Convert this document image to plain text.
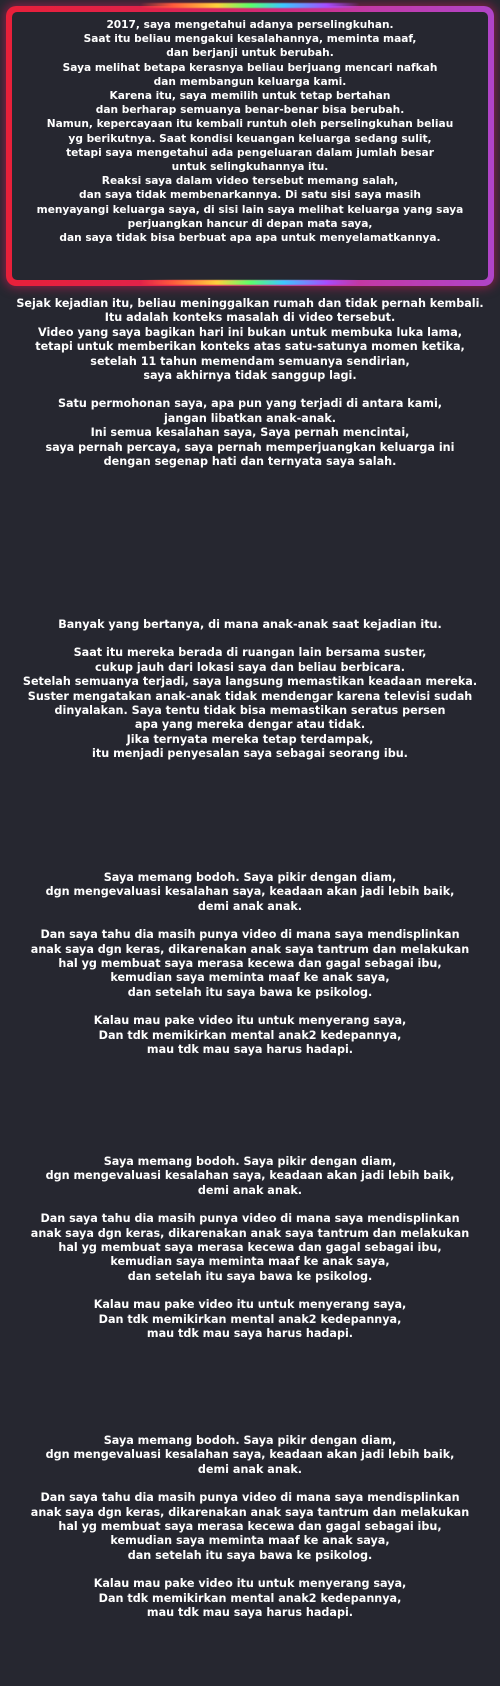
2017, saya mengetahui adanya perselingkuhan.

Saat itu beliau mengakui kesalahannya, meminta maaf,

dan berjanji untuk berubah.

Saya melihat betapa kerasnya beliau berjuang mencari nafkah

dan membangun keluarga kami.

Karena itu, saya memilih untuk tetap bertahan

dan berharap semuanya benar-benar bisa berubah.

Namun, kepercayaan itu kembali runtuh oleh perselingkuhan beliau

yg berikutnya. Saat kondisi keuangan keluarga sedang sulit,

tetapi saya mengetahui ada pengeluaran dalam jumlah besar

untuk selingkuhannya itu.

Reaksi saya dalam video tersebut memang salah,

dan saya tidak membenarkannya. Di satu sisi saya masih

menyayangi keluarga saya, di sisi lain saya melihat keluarga yang saya

perjuangkan hancur di depan mata saya,

dan saya tidak bisa berbuat apa apa untuk menyelamatkannya.

Sejak kejadian itu, beliau meninggalkan rumah dan tidak pernah kembali.

Itu adalah konteks masalah di video tersebut.

Video yang saya bagikan hari ini bukan untuk membuka luka lama,

tetapi untuk memberikan konteks atas satu-satunya momen ketika,

setelah 11 tahun memendam semuanya sendirian,

saya akhirnya tidak sanggup lagi.

Satu permohonan saya, apa pun yang terjadi di antara kami,

jangan libatkan anak-anak.

Ini semua kesalahan saya, Saya pernah mencintai,

saya pernah percaya, saya pernah memperjuangkan keluarga ini

dengan segenap hati dan ternyata saya salah.

Banyak yang bertanya, di mana anak-anak saat kejadian itu.

Saat itu mereka berada di ruangan lain bersama suster,

cukup jauh dari lokasi saya dan beliau berbicara.

Setelah semuanya terjadi, saya langsung memastikan keadaan mereka.

Suster mengatakan anak-anak tidak mendengar karena televisi sudah

dinyalakan. Saya tentu tidak bisa memastikan seratus persen

apa yang mereka dengar atau tidak.

Jika ternyata mereka tetap terdampak,

itu menjadi penyesalan saya sebagai seorang ibu.

Saya memang bodoh. Saya pikir dengan diam,

dgn mengevaluasi kesalahan saya, keadaan akan jadi lebih baik,

demi anak anak.

Dan saya tahu dia masih punya video di mana saya mendisplinkan

anak saya dgn keras, dikarenakan anak saya tantrum dan melakukan

hal yg membuat saya merasa kecewa dan gagal sebagai ibu,

kemudian saya meminta maaf ke anak saya,

dan setelah itu saya bawa ke psikolog.

Kalau mau pake video itu untuk menyerang saya,

Dan tdk memikirkan mental anak2 kedepannya,

mau tdk mau saya harus hadapi.

Saya memang bodoh. Saya pikir dengan diam,

dgn mengevaluasi kesalahan saya, keadaan akan jadi lebih baik,

demi anak anak.

Dan saya tahu dia masih punya video di mana saya mendisplinkan

anak saya dgn keras, dikarenakan anak saya tantrum dan melakukan

hal yg membuat saya merasa kecewa dan gagal sebagai ibu,

kemudian saya meminta maaf ke anak saya,

dan setelah itu saya bawa ke psikolog.

Kalau mau pake video itu untuk menyerang saya,

Dan tdk memikirkan mental anak2 kedepannya,

mau tdk mau saya harus hadapi.

Saya memang bodoh. Saya pikir dengan diam,

dgn mengevaluasi kesalahan saya, keadaan akan jadi lebih baik,

demi anak anak.

Dan saya tahu dia masih punya video di mana saya mendisplinkan

anak saya dgn keras, dikarenakan anak saya tantrum dan melakukan

hal yg membuat saya merasa kecewa dan gagal sebagai ibu,

kemudian saya meminta maaf ke anak saya,

dan setelah itu saya bawa ke psikolog.

Kalau mau pake video itu untuk menyerang saya,

Dan tdk memikirkan mental anak2 kedepannya,

mau tdk mau saya harus hadapi.
